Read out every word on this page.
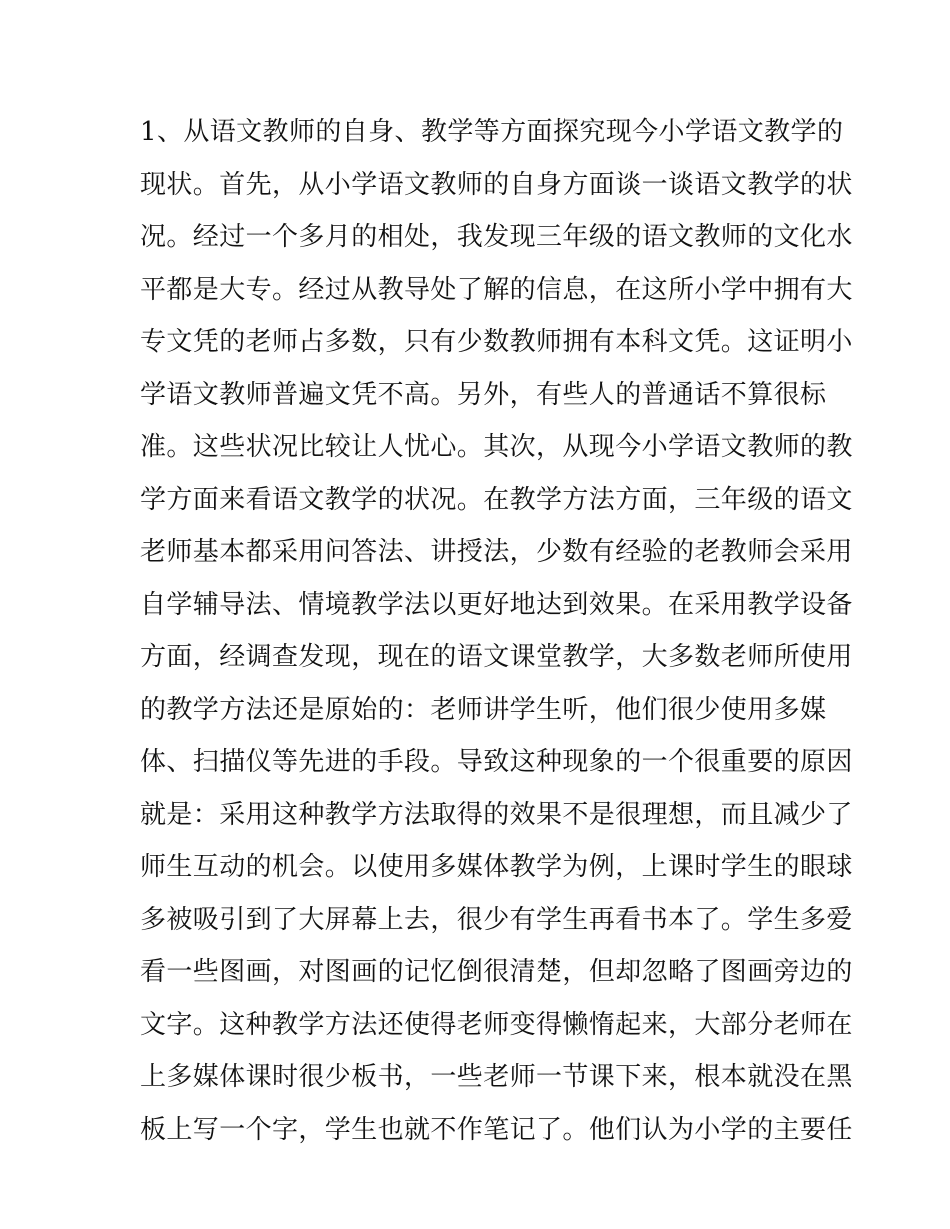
1、从语文教师的自身、教学等方面探究现今小学语文教学的
现状。首先，从小学语文教师的自身方面谈一谈语文教学的状
况。经过一个多月的相处，我发现三年级的语文教师的文化水
平都是大专。经过从教导处了解的信息，在这所小学中拥有大
专文凭的老师占多数，只有少数教师拥有本科文凭。这证明小
学语文教师普遍文凭不高。另外，有些人的普通话不算很标
准。这些状况比较让人忧心。其次，从现今小学语文教师的教
学方面来看语文教学的状况。在教学方法方面，三年级的语文
老师基本都采用问答法、讲授法，少数有经验的老教师会采用
自学辅导法、情境教学法以更好地达到效果。在采用教学设备
方面，经调查发现，现在的语文课堂教学，大多数老师所使用
的教学方法还是原始的：老师讲学生听，他们很少使用多媒
体、扫描仪等先进的手段。导致这种现象的一个很重要的原因
就是：采用这种教学方法取得的效果不是很理想，而且减少了
师生互动的机会。以使用多媒体教学为例，上课时学生的眼球
多被吸引到了大屏幕上去，很少有学生再看书本了。学生多爱
看一些图画，对图画的记忆倒很清楚，但却忽略了图画旁边的
文字。这种教学方法还使得老师变得懒惰起来，大部分老师在
上多媒体课时很少板书，一些老师一节课下来，根本就没在黑
板上写一个字，学生也就不作笔记了。他们认为小学的主要任
